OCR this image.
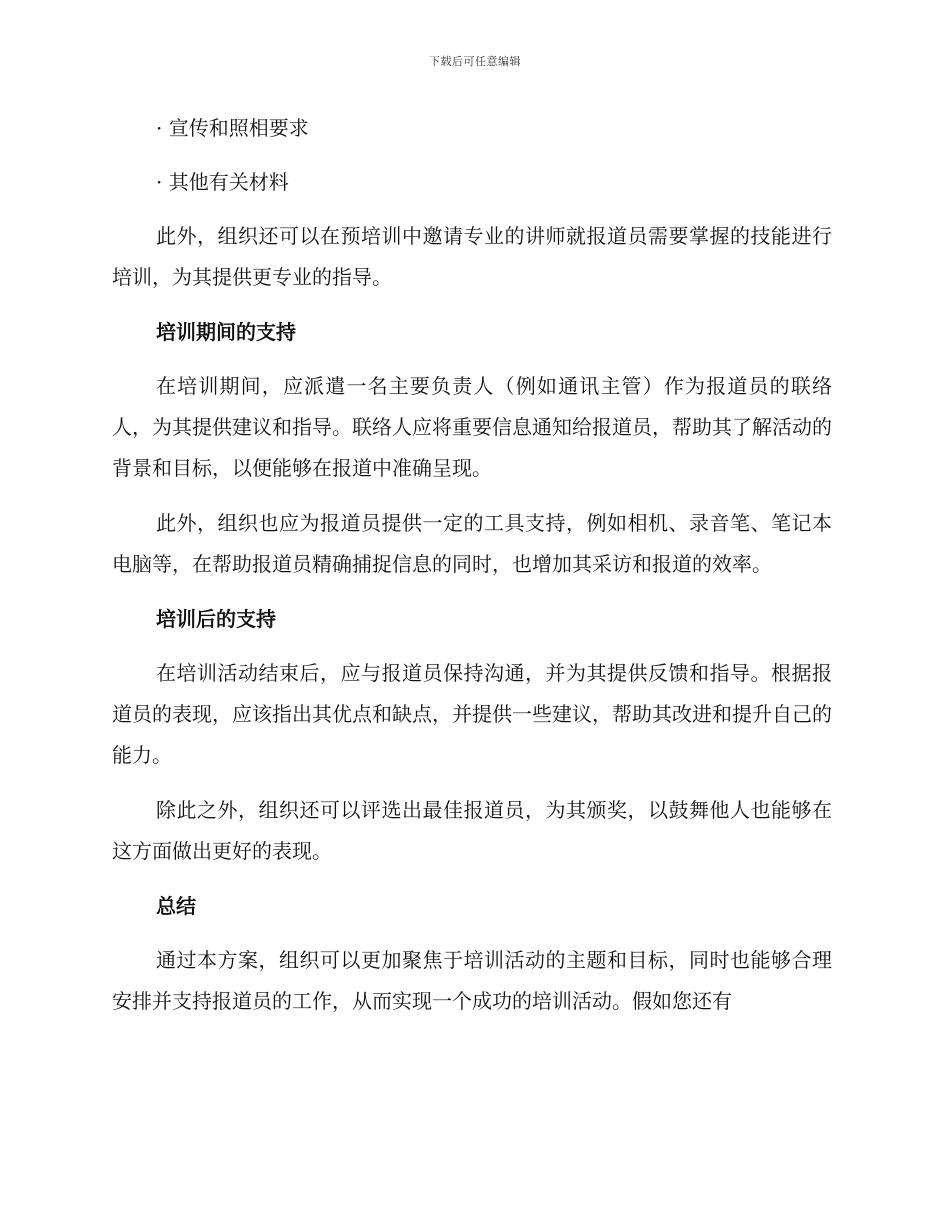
下载后可任意编辑
· 宣传和照相要求
· 其他有关材料

此外，组织还可以在预培训中邀请专业的讲师就报道员需要掌握的技能进行培训，为其提供更专业的指导。

培训期间的支持

在培训期间，应派遣一名主要负责人（例如通讯主管）作为报道员的联络人，为其提供建议和指导。联络人应将重要信息通知给报道员，帮助其了解活动的背景和目标，以便能够在报道中准确呈现。

此外，组织也应为报道员提供一定的工具支持，例如相机、录音笔、笔记本电脑等，在帮助报道员精确捕捉信息的同时，也增加其采访和报道的效率。

培训后的支持

在培训活动结束后，应与报道员保持沟通，并为其提供反馈和指导。根据报道员的表现，应该指出其优点和缺点，并提供一些建议，帮助其改进和提升自己的能力。

除此之外，组织还可以评选出最佳报道员，为其颁奖，以鼓舞他人也能够在这方面做出更好的表现。

总结

通过本方案，组织可以更加聚焦于培训活动的主题和目标，同时也能够合理安排并支持报道员的工作，从而实现一个成功的培训活动。假如您还有
